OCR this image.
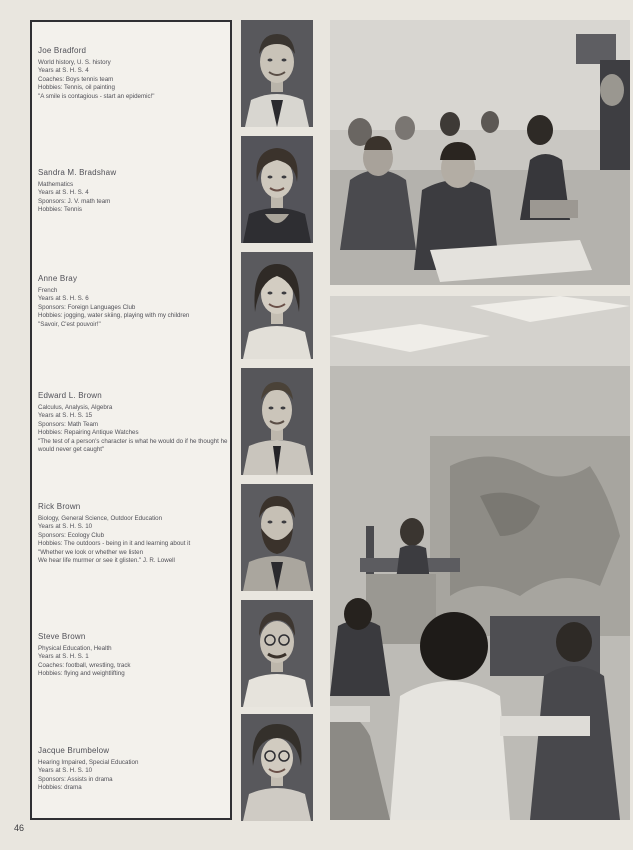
Joe Bradford
World history, U. S. history
Years at S. H. S. 4
Coaches: Boys tennis team
Hobbies: Tennis, oil painting
"A smile is contagious - start an epidemic!"
Sandra M. Bradshaw
Mathematics
Years at S. H. S. 4
Sponsors: J. V. math team
Hobbies: Tennis
Anne Bray
French
Years at S. H. S. 6
Sponsors: Foreign Languages Club
Hobbies: jogging, water skiing, playing with my children
"Savoir, C'est pouvoir!"
Edward L. Brown
Calculus, Analysis, Algebra
Years at S. H. S. 15
Sponsors: Math Team
Hobbies: Repairing Antique Watches
"The test of a person's character is what he would do if he thought he would never get caught"
Rick Brown
Biology, General Science, Outdoor Education
Years at S. H. S. 10
Sponsors: Ecology Club
Hobbies: The outdoors - being in it and learning about it
"Whether we look or whether we listen
We hear life murmer or see it glisten." J. R. Lowell
Steve Brown
Physical Education, Health
Years at S. H. S. 1
Coaches: football, wrestling, track
Hobbies: flying and weightlifting
Jacque Brumbelow
Hearing Impaired, Special Education
Years at S. H. S. 10
Sponsors: Assists in drama
Hobbies: drama
46
